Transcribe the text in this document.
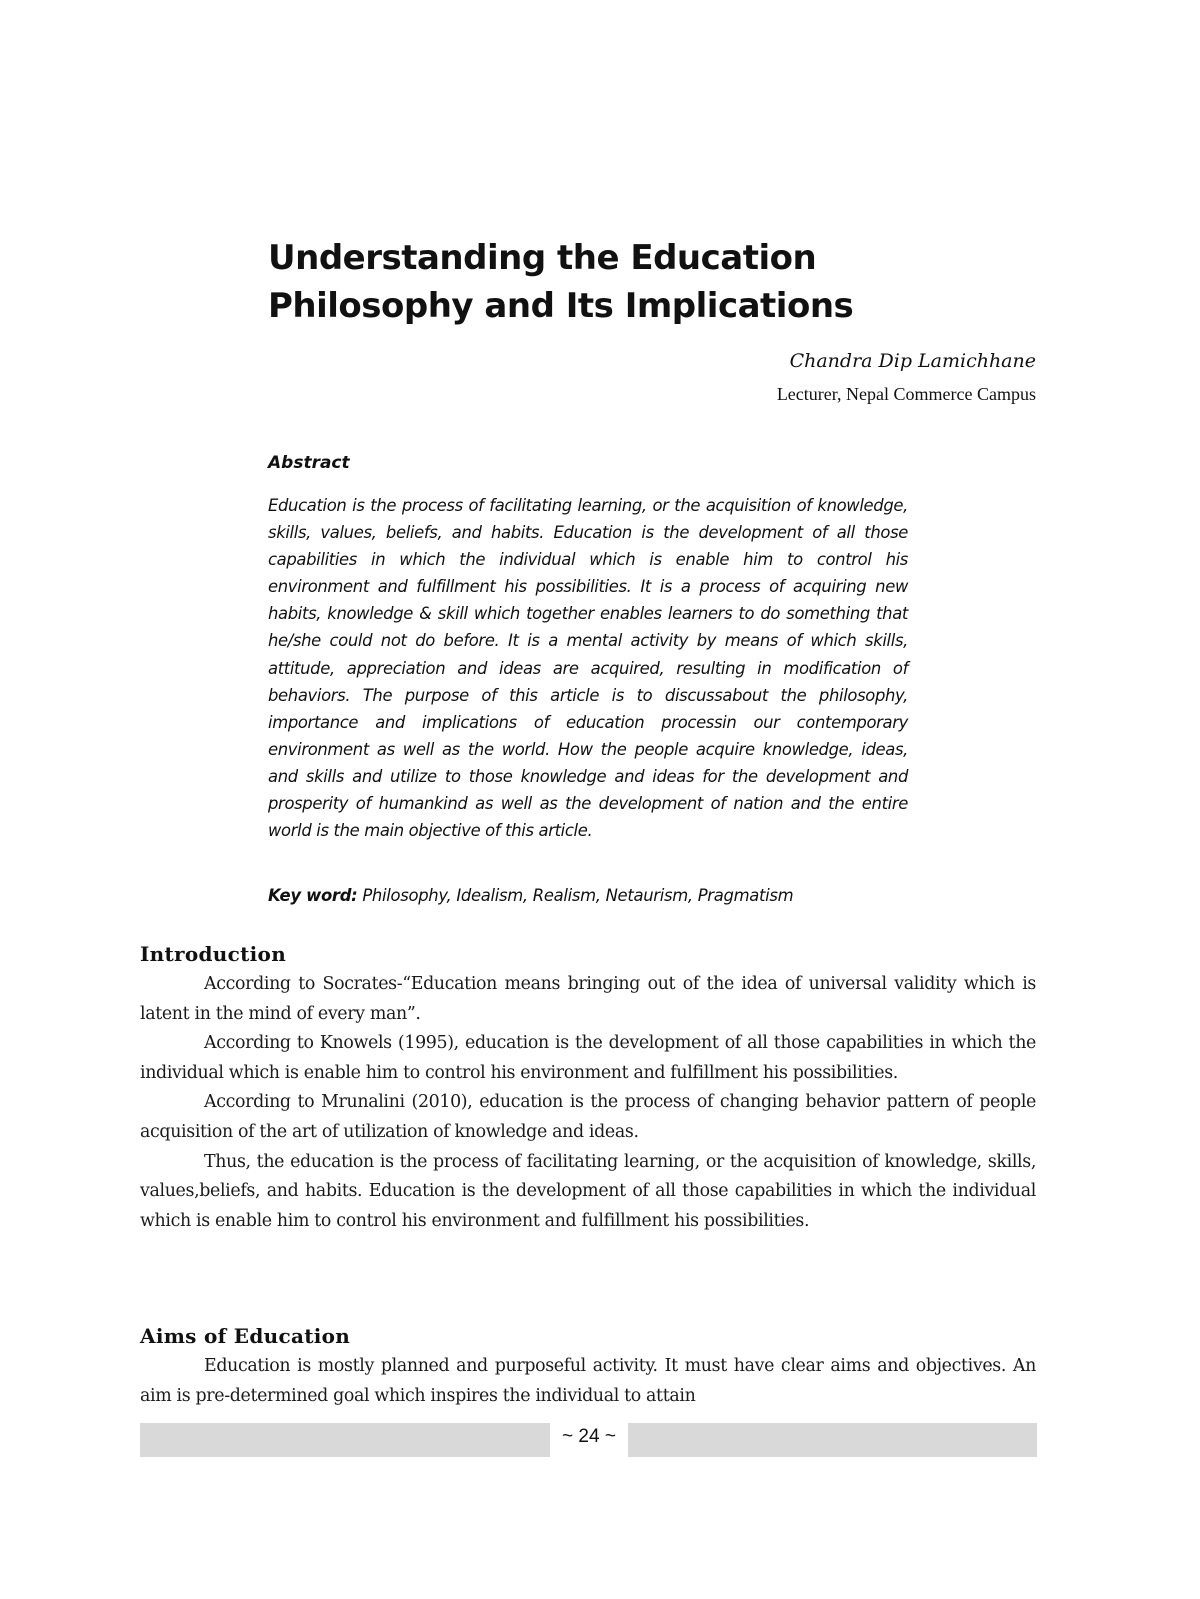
Understanding the Education
Philosophy and Its Implications
Chandra Dip Lamichhane
Lecturer, Nepal Commerce Campus
Abstract
Education is the process of facilitating learning, or the acquisition of knowledge, skills, values, beliefs, and habits. Education is the development of all those capabilities in which the individual which is enable him to control his environment and fulfillment his possibilities. It is a process of acquiring new habits, knowledge & skill which together enables learners to do something that he/she could not do before. It is a mental activity by means of which skills, attitude, appreciation and ideas are acquired, resulting in modification of behaviors. The purpose of this article is to discussabout the philosophy, importance and implications of education processin our contemporary environment as well as the world. How the people acquire knowledge, ideas, and skills and utilize to those knowledge and ideas for the development and prosperity of humankind as well as the development of nation and the entire world is the main objective of this article.
Key word: Philosophy, Idealism, Realism, Netaurism, Pragmatism
Introduction

According to Socrates-“Education means bringing out of the idea of universal validity which is latent in the mind of every man”.

According to Knowels (1995), education is the development of all those capabilities in which the individual which is enable him to control his environment and fulfillment his possibilities.

According to Mrunalini (2010), education is the process of changing behavior pattern of people acquisition of the art of utilization of knowledge and ideas.

Thus, the education is the process of facilitating learning, or the acquisition of knowledge, skills, values,beliefs, and habits. Education is the development of all those capabilities in which the individual which is enable him to control his environment and fulfillment his possibilities.

Aims of Education

Education is mostly planned and purposeful activity. It must have clear aims and objectives. An aim is pre-determined goal which inspires the individual to attain

~ 24 ~
